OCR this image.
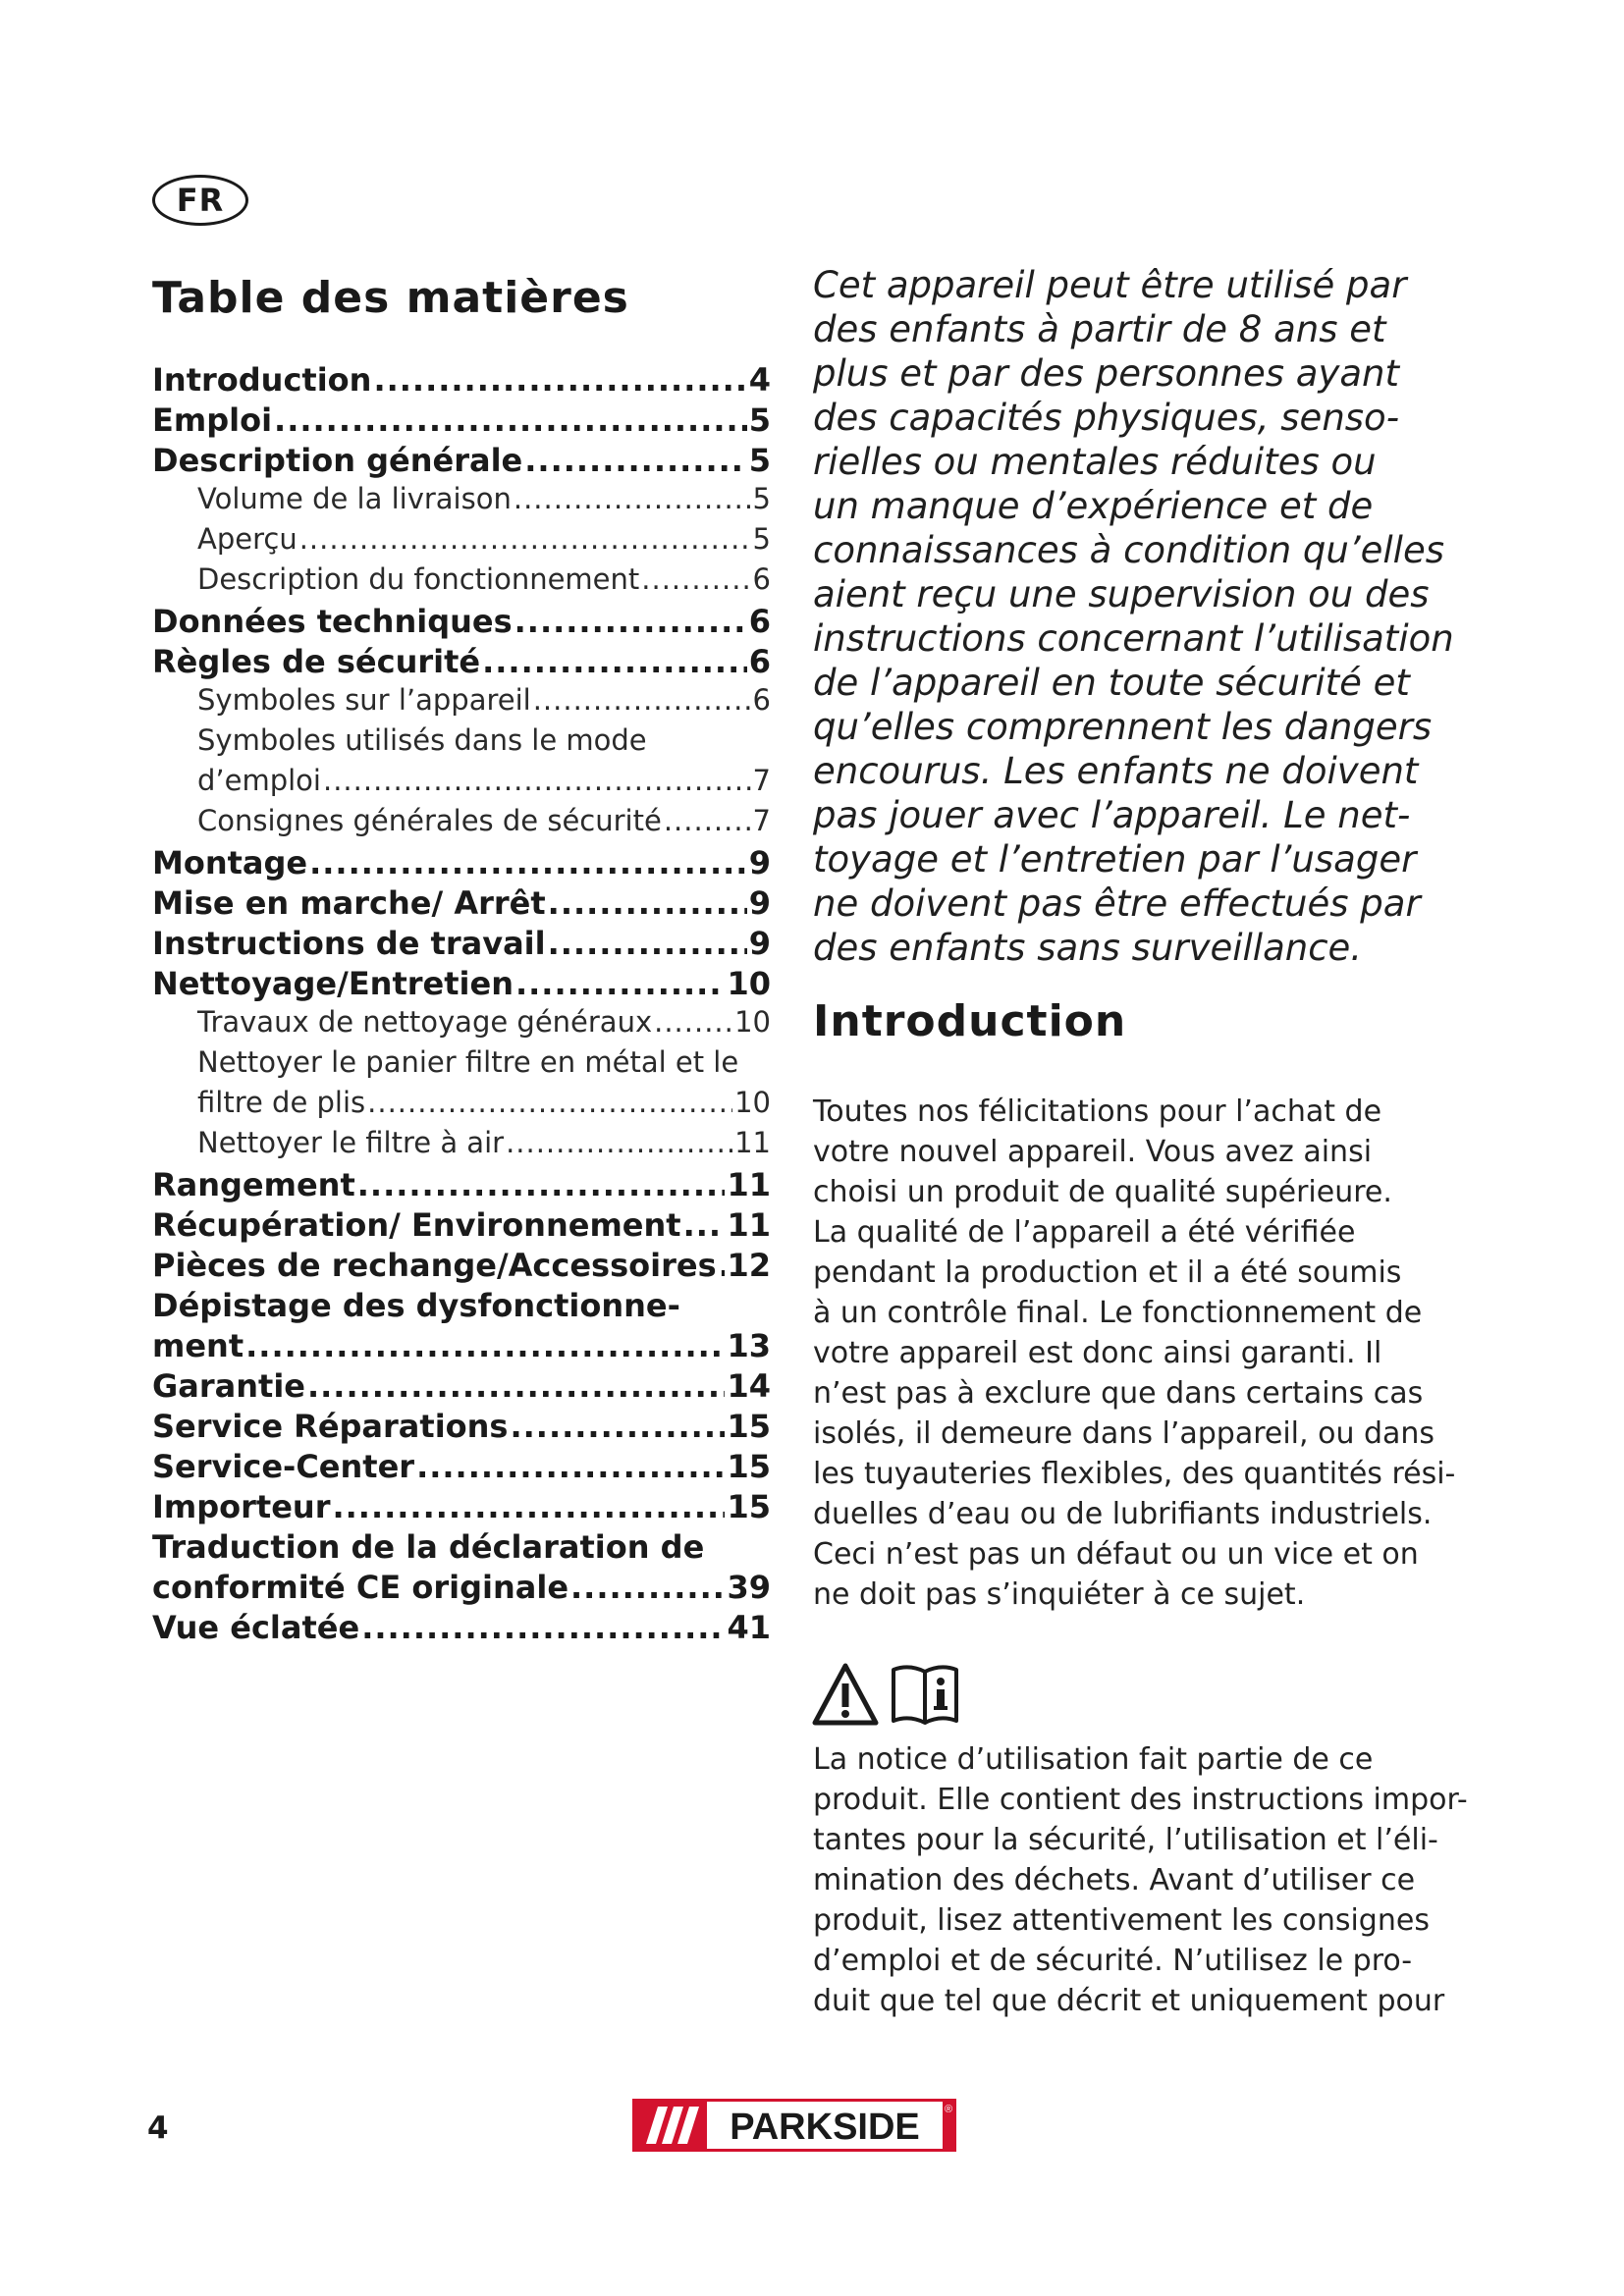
FR
Table des matières
Introduction .....	4
Emploi .....	5
Description générale .....	5
Volume de la livraison .....	5
Aperçu .....	5
Description du fonctionnement .....	6
Données techniques .....	6
Règles de sécurité .....	6
Symboles sur l’appareil .....	6
Symboles utilisés dans le mode
d’emploi .....	7
Consignes générales de sécurité .....	7
Montage .....	9
Mise en marche/ Arrêt .....	9
Instructions de travail .....	9
Nettoyage/Entretien .....	10
Travaux de nettoyage généraux .....	10
Nettoyer le panier filtre en métal et le
filtre de plis .....	10
Nettoyer le filtre à air .....	11
Rangement .....	11
Récupération/ Environnement ..... 11
Pièces de rechange/Accessoires ..... 12
Dépistage des dysfonctionne-
ment .....	13
Garantie .....	14
Service Réparations .....	15
Service-Center .....	15
Importeur .....	15
Traduction de la déclaration de
conformité CE originale .....	39
Vue éclatée .....	41

Cet appareil peut être utilisé par
des enfants à partir de 8 ans et
plus et par des personnes ayant
des capacités physiques, senso-
rielles ou mentales réduites ou
un manque d’expérience et de
connaissances à condition qu’elles
aient reçu une supervision ou des
instructions concernant l’utilisation
de l’appareil en toute sécurité et
qu’elles comprennent les dangers
encourus. Les enfants ne doivent
pas jouer avec l’appareil. Le net-
toyage et l’entretien par l’usager
ne doivent pas être effectués par
des enfants sans surveillance.

Introduction

Toutes nos félicitations pour l’achat de
votre nouvel appareil. Vous avez ainsi
choisi un produit de qualité supérieure.
La qualité de l’appareil a été vérifiée
pendant la production et il a été soumis
à un contrôle final. Le fonctionnement de
votre appareil est donc ainsi garanti. Il
n’est pas à exclure que dans certains cas
isolés, il demeure dans l’appareil, ou dans
les tuyauteries flexibles, des quantités rési-
duelles d’eau ou de lubrifiants industriels.
Ceci n’est pas un défaut ou un vice et on
ne doit pas s’inquiéter à ce sujet.

La notice d’utilisation fait partie de ce
produit. Elle contient des instructions impor-
tantes pour la sécurité, l’utilisation et l’éli-
mination des déchets. Avant d’utiliser ce
produit, lisez attentivement les consignes
d’emploi et de sécurité. N’utilisez le pro-
duit que tel que décrit et uniquement pour

4	PARKSIDE ®
